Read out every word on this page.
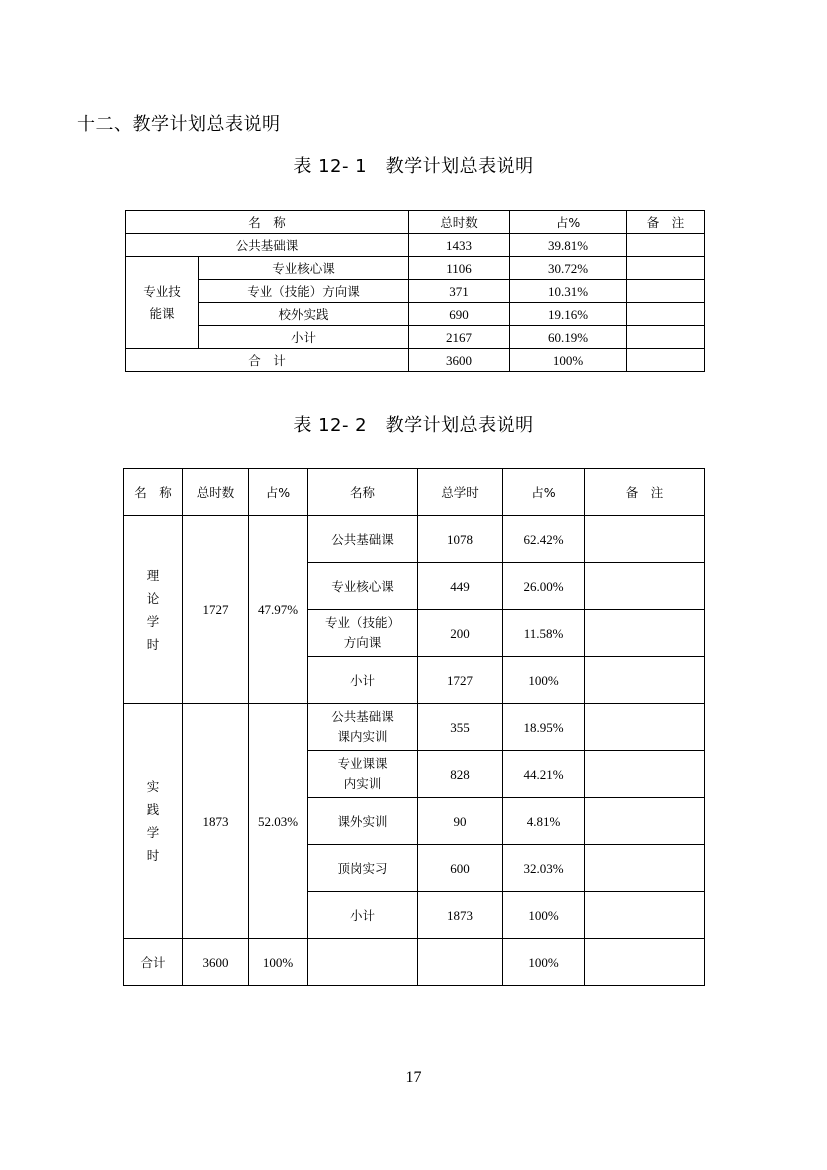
十二、教学计划总表说明
表 12- 1　教学计划总表说明
名　称		总时数	占%	备　注
公共基础课		1433	39.81%	
专业技能课	专业核心课	1106	30.72%	
	专业（技能）方向课	371	10.31%	
	校外实践	690	19.16%	
	小计	2167	60.19%	
合　计		3600	100%	
表 12- 2　教学计划总表说明
名　称	总时数	占%	名称	总学时	占%	备　注
理论学时	1727	47.97%	公共基础课	1078	62.42%	
			专业核心课	449	26.00%	
			专业（技能）方向课	200	11.58%	
			小计	1727	100%	
实践学时	1873	52.03%	公共基础课课内实训	355	18.95%	
			专业课课内实训	828	44.21%	
			课外实训	90	4.81%	
			顶岗实习	600	32.03%	
			小计	1873	100%	
合计	3600	100%			100%	
17
